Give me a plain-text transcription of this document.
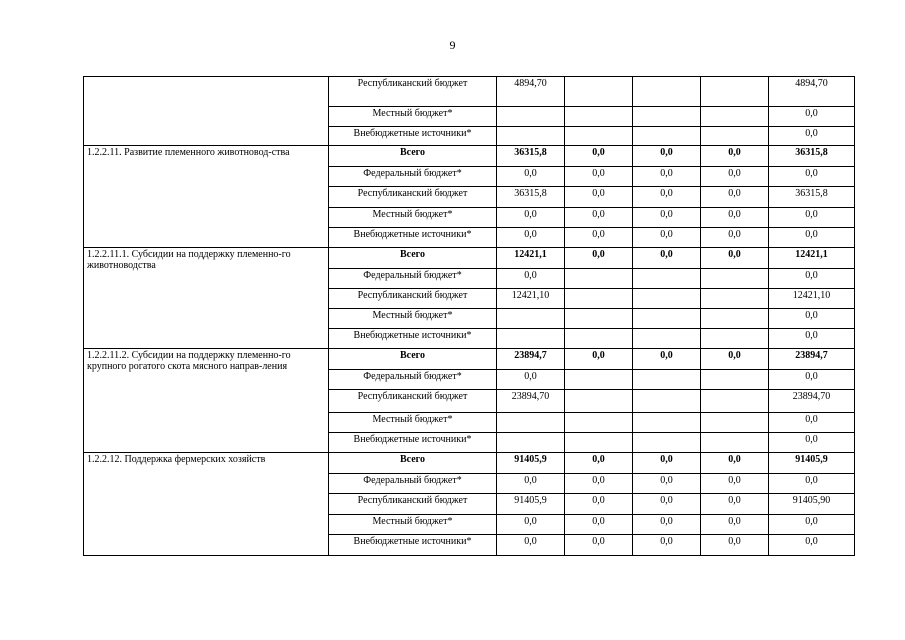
9
	Республиканский бюджет	4894,70				4894,70
	Местный бюджет*					0,0
	Внебюджетные источники*					0,0
1.2.2.11. Развитие племенного животновод-ства	Всего	36315,8	0,0	0,0	0,0	36315,8
	Федеральный бюджет*	0,0	0,0	0,0	0,0	0,0
	Республиканский бюджет	36315,8	0,0	0,0	0,0	36315,8
	Местный бюджет*	0,0	0,0	0,0	0,0	0,0
	Внебюджетные источники*	0,0	0,0	0,0	0,0	0,0
1.2.2.11.1. Субсидии на поддержку племенно-го животноводства	Всего	12421,1	0,0	0,0	0,0	12421,1
	Федеральный бюджет*	0,0				0,0
	Республиканский бюджет	12421,10				12421,10
	Местный бюджет*					0,0
	Внебюджетные источники*					0,0
1.2.2.11.2. Субсидии на поддержку племенно-го крупного рогатого скота мясного направ-ления	Всего	23894,7	0,0	0,0	0,0	23894,7
	Федеральный бюджет*	0,0				0,0
	Республиканский бюджет	23894,70				23894,70
	Местный бюджет*					0,0
	Внебюджетные источники*					0,0
1.2.2.12. Поддержка фермерских хозяйств	Всего	91405,9	0,0	0,0	0,0	91405,9
	Федеральный бюджет*	0,0	0,0	0,0	0,0	0,0
	Республиканский бюджет	91405,9	0,0	0,0	0,0	91405,90
	Местный бюджет*	0,0	0,0	0,0	0,0	0,0
	Внебюджетные источники*	0,0	0,0	0,0	0,0	0,0
